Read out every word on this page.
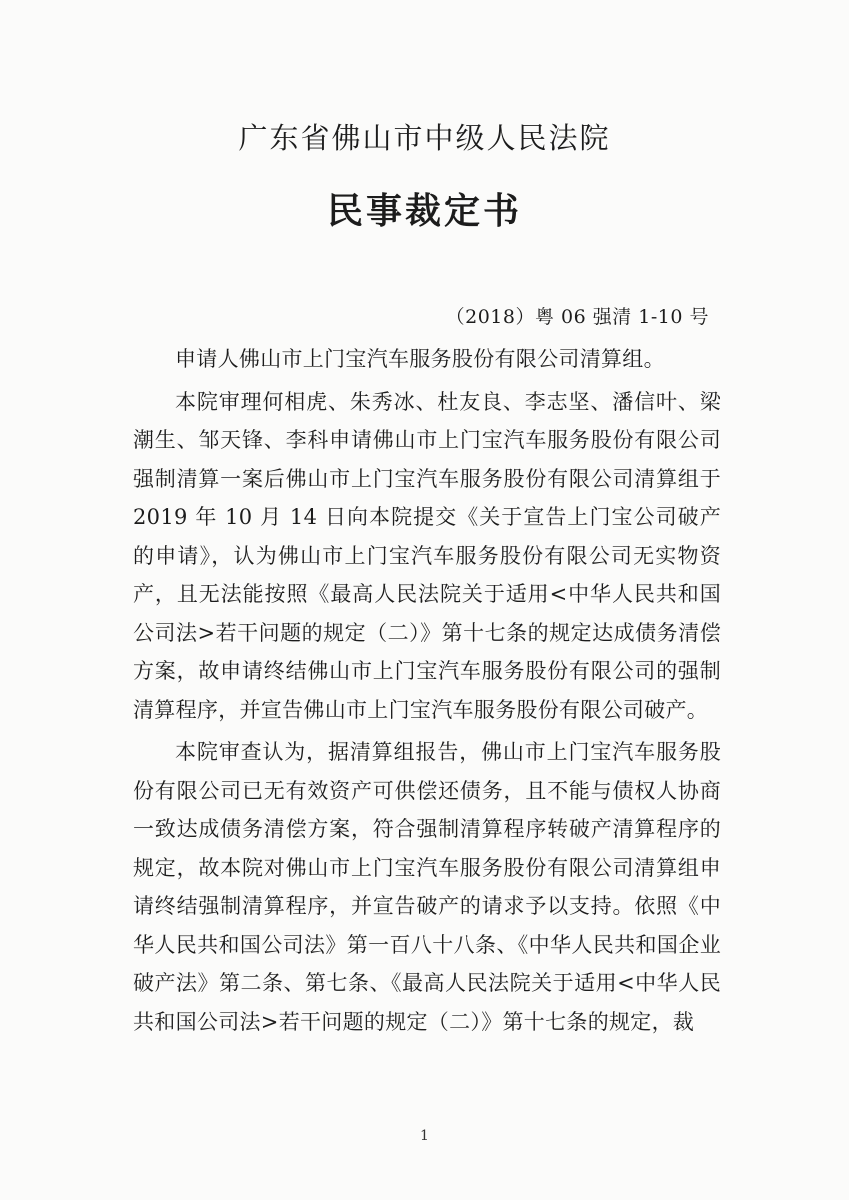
广东省佛山市中级人民法院
民事裁定书
（2018）粤 06 强清 1-10 号

申请人佛山市上门宝汽车服务股份有限公司清算组。

本院审理何相虎、朱秀冰、杜友良、李志坚、潘信叶、梁潮生、邹天锋、李科申请佛山市上门宝汽车服务股份有限公司强制清算一案后佛山市上门宝汽车服务股份有限公司清算组于 2019 年 10 月 14 日向本院提交《关于宣告上门宝公司破产的申请》，认为佛山市上门宝汽车服务股份有限公司无实物资产，且无法能按照《最高人民法院关于适用<中华人民共和国公司法>若干问题的规定（二）》第十七条的规定达成债务清偿方案，故申请终结佛山市上门宝汽车服务股份有限公司的强制清算程序，并宣告佛山市上门宝汽车服务股份有限公司破产。

本院审查认为，据清算组报告，佛山市上门宝汽车服务股份有限公司已无有效资产可供偿还债务，且不能与债权人协商一致达成债务清偿方案，符合强制清算程序转破产清算程序的规定，故本院对佛山市上门宝汽车服务股份有限公司清算组申请终结强制清算程序，并宣告破产的请求予以支持。依照《中华人民共和国公司法》第一百八十八条、《中华人民共和国企业破产法》第二条、第七条、《最高人民法院关于适用<中华人民共和国公司法>若干问题的规定（二）》第十七条的规定，裁

1
